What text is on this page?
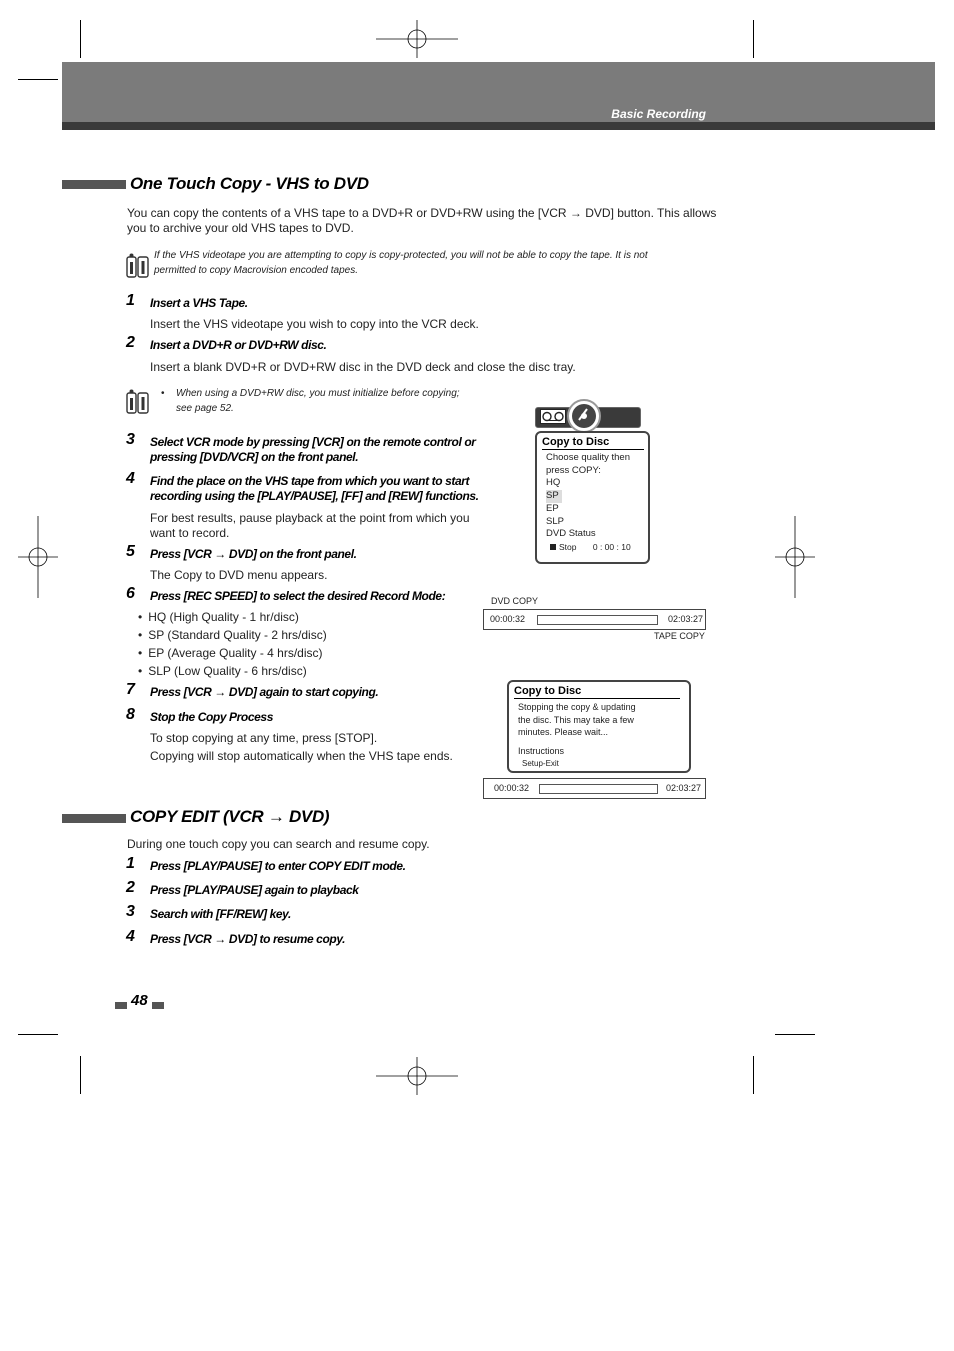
Basic Recording
One Touch Copy - VHS to DVD
You can copy the contents of a VHS tape to a DVD+R or DVD+RW using the [VCR → DVD] button. This allows
you to archive your old VHS tapes to DVD.
If the VHS videotape you are attempting to copy is copy-protected, you will not be able to copy the tape. It is not
permitted to copy Macrovision encoded tapes.
1 Insert a VHS Tape.
Insert the VHS videotape you wish to copy into the VCR deck.
2 Insert a DVD+R or DVD+RW disc.
Insert a blank DVD+R or DVD+RW disc in the DVD deck and close the disc tray.
• When using a DVD+RW disc, you must initialize before copying;
see page 52.
3 Select VCR mode by pressing [VCR] on the remote control or
pressing [DVD/VCR] on the front panel.
4 Find the place on the VHS tape from which you want to start
recording using the [PLAY/PAUSE], [FF] and [REW] functions.
For best results, pause playback at the point from which you
want to record.
5 Press [VCR → DVD] on the front panel.
The Copy to DVD menu appears.
6 Press [REC SPEED] to select the desired Record Mode:
• HQ (High Quality - 1 hr/disc)
• SP (Standard Quality - 2 hrs/disc)
• EP (Average Quality - 4 hrs/disc)
• SLP (Low Quality - 6 hrs/disc)
7 Press [VCR → DVD] again to start copying.
8 Stop the Copy Process
To stop copying at any time, press [STOP].
Copying will stop automatically when the VHS tape ends.
Copy to Disc
Choose quality then
press COPY:
HQ
SP
EP
SLP
DVD Status
Stop 0 : 00 : 10
DVD COPY
00:00:32	02:03:27
TAPE COPY
Copy to Disc
Stopping the copy & updating
the disc. This may take a few
minutes. Please wait...
Instructions
Setup-Exit
00:00:32	02:03:27
COPY EDIT (VCR → DVD)
During one touch copy you can search and resume copy.
1 Press [PLAY/PAUSE] to enter COPY EDIT mode.
2 Press [PLAY/PAUSE] again to playback
3 Search with [FF/REW] key.
4 Press [VCR → DVD] to resume copy.
48
